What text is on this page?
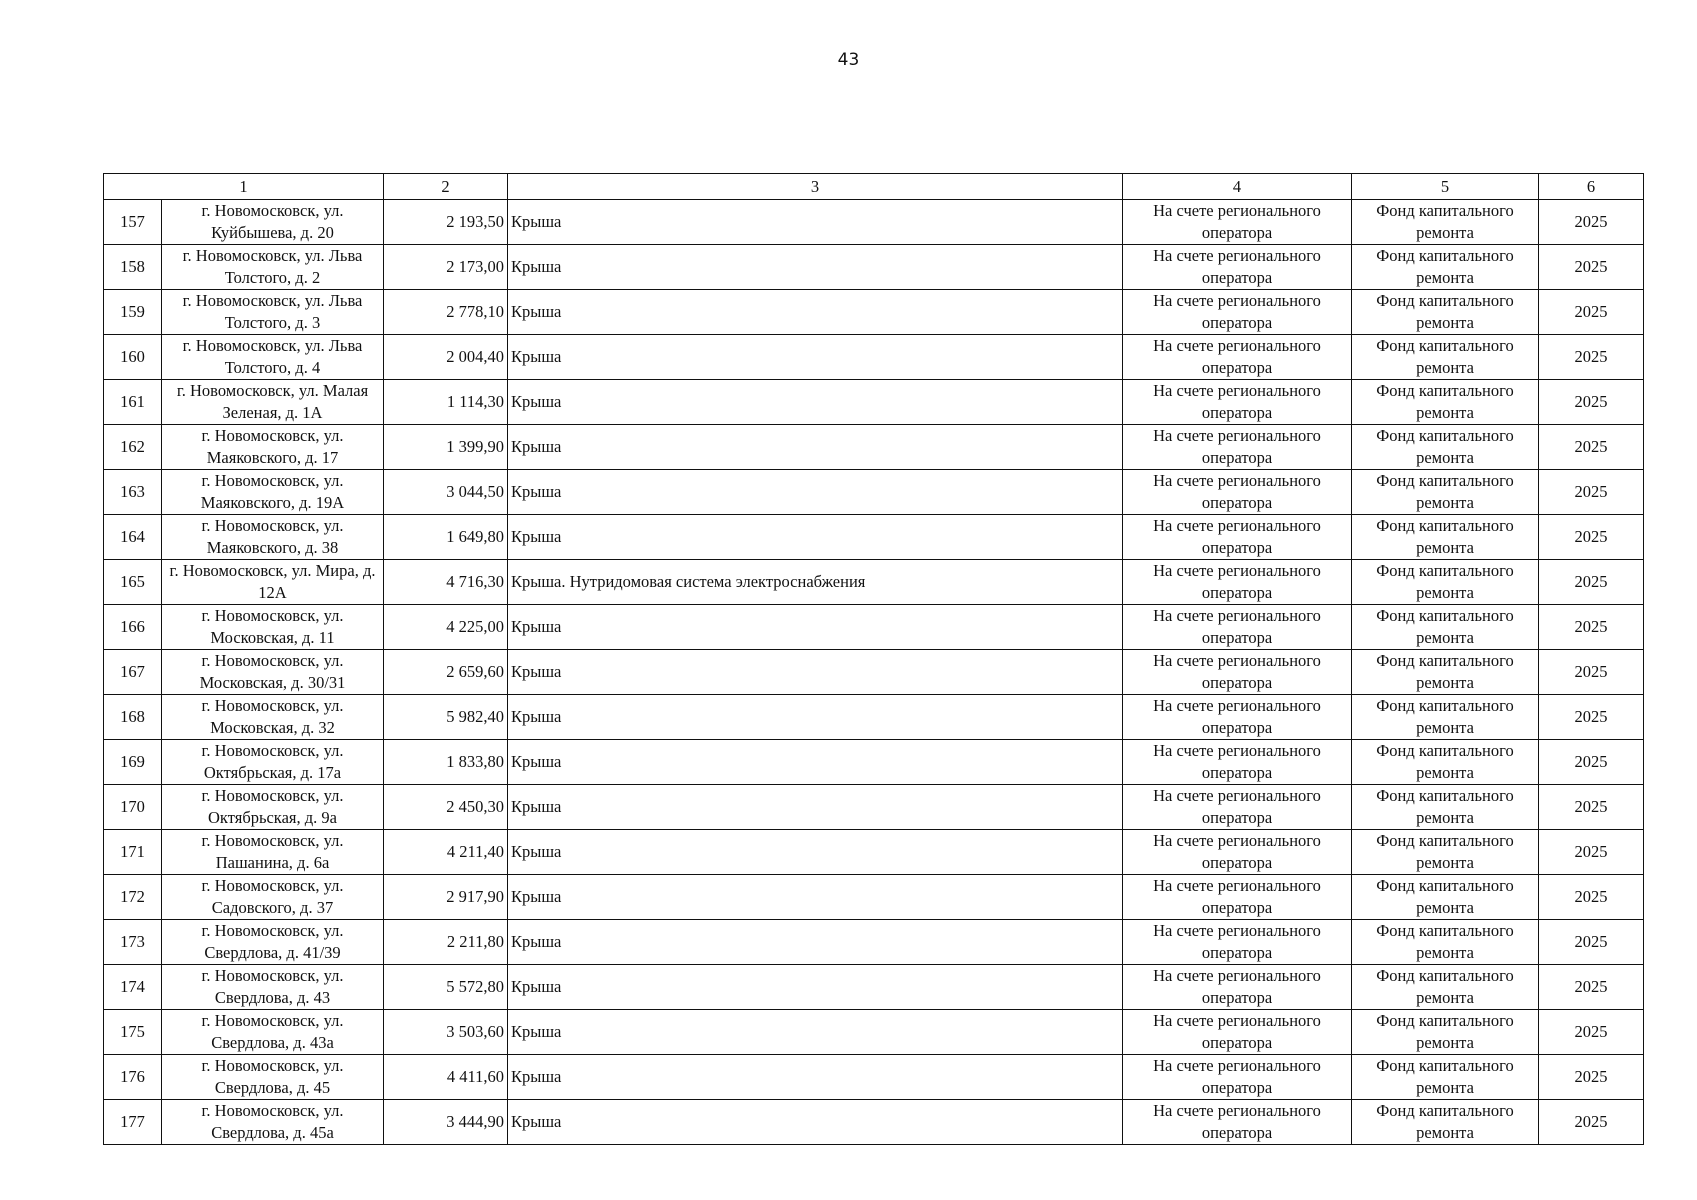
43
1		2	3	4	5	6
157	г. Новомосковск, ул. Куйбышева, д. 20	2 193,50	Крыша	На счете регионального оператора	Фонд капитального ремонта	2025
158	г. Новомосковск, ул. Льва Толстого, д. 2	2 173,00	Крыша	На счете регионального оператора	Фонд капитального ремонта	2025
159	г. Новомосковск, ул. Льва Толстого, д. 3	2 778,10	Крыша	На счете регионального оператора	Фонд капитального ремонта	2025
160	г. Новомосковск, ул. Льва Толстого, д. 4	2 004,40	Крыша	На счете регионального оператора	Фонд капитального ремонта	2025
161	г. Новомосковск, ул. Малая Зеленая, д. 1А	1 114,30	Крыша	На счете регионального оператора	Фонд капитального ремонта	2025
162	г. Новомосковск, ул. Маяковского, д. 17	1 399,90	Крыша	На счете регионального оператора	Фонд капитального ремонта	2025
163	г. Новомосковск, ул. Маяковского, д. 19А	3 044,50	Крыша	На счете регионального оператора	Фонд капитального ремонта	2025
164	г. Новомосковск, ул. Маяковского, д. 38	1 649,80	Крыша	На счете регионального оператора	Фонд капитального ремонта	2025
165	г. Новомосковск, ул. Мира, д. 12А	4 716,30	Крыша. Нутридомовая система электроснабжения	На счете регионального оператора	Фонд капитального ремонта	2025
166	г. Новомосковск, ул. Московская, д. 11	4 225,00	Крыша	На счете регионального оператора	Фонд капитального ремонта	2025
167	г. Новомосковск, ул. Московская, д. 30/31	2 659,60	Крыша	На счете регионального оператора	Фонд капитального ремонта	2025
168	г. Новомосковск, ул. Московская, д. 32	5 982,40	Крыша	На счете регионального оператора	Фонд капитального ремонта	2025
169	г. Новомосковск, ул. Октябрьская, д. 17а	1 833,80	Крыша	На счете регионального оператора	Фонд капитального ремонта	2025
170	г. Новомосковск, ул. Октябрьская, д. 9а	2 450,30	Крыша	На счете регионального оператора	Фонд капитального ремонта	2025
171	г. Новомосковск, ул. Пашанина, д. 6а	4 211,40	Крыша	На счете регионального оператора	Фонд капитального ремонта	2025
172	г. Новомосковск, ул. Садовского, д. 37	2 917,90	Крыша	На счете регионального оператора	Фонд капитального ремонта	2025
173	г. Новомосковск, ул. Свердлова, д. 41/39	2 211,80	Крыша	На счете регионального оператора	Фонд капитального ремонта	2025
174	г. Новомосковск, ул. Свердлова, д. 43	5 572,80	Крыша	На счете регионального оператора	Фонд капитального ремонта	2025
175	г. Новомосковск, ул. Свердлова, д. 43а	3 503,60	Крыша	На счете регионального оператора	Фонд капитального ремонта	2025
176	г. Новомосковск, ул. Свердлова, д. 45	4 411,60	Крыша	На счете регионального оператора	Фонд капитального ремонта	2025
177	г. Новомосковск, ул. Свердлова, д. 45а	3 444,90	Крыша	На счете регионального оператора	Фонд капитального ремонта	2025
